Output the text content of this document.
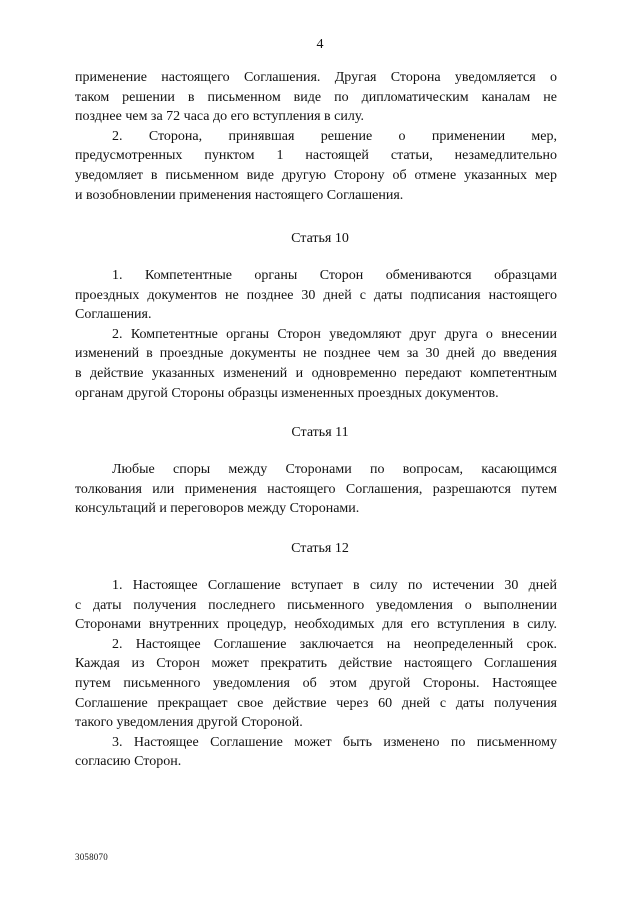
4
применение настоящего Соглашения. Другая Сторона уведомляется о
таком решении в письменном виде по дипломатическим каналам не
позднее чем за 72 часа до его вступления в силу.
2. Сторона, принявшая решение о применении мер,
предусмотренных пунктом 1 настоящей статьи, незамедлительно
уведомляет в письменном виде другую Сторону об отмене указанных мер
и возобновлении применения настоящего Соглашения.
Статья 10
1. Компетентные органы Сторон обмениваются образцами
проездных документов не позднее 30 дней с даты подписания настоящего
Соглашения.
2. Компетентные органы Сторон уведомляют друг друга о внесении
изменений в проездные документы не позднее чем за 30 дней до введения
в действие указанных изменений и одновременно передают компетентным
органам другой Стороны образцы измененных проездных документов.
Статья 11
Любые споры между Сторонами по вопросам, касающимся
толкования или применения настоящего Соглашения, разрешаются путем
консультаций и переговоров между Сторонами.
Статья 12
1. Настоящее Соглашение вступает в силу по истечении 30 дней
с даты получения последнего письменного уведомления о выполнении
Сторонами внутренних процедур, необходимых для его вступления в силу.
2. Настоящее Соглашение заключается на неопределенный срок.
Каждая из Сторон может прекратить действие настоящего Соглашения
путем письменного уведомления об этом другой Стороны. Настоящее
Соглашение прекращает свое действие через 60 дней с даты получения
такого уведомления другой Стороной.
3. Настоящее Соглашение может быть изменено по письменному
согласию Сторон.
3058070
